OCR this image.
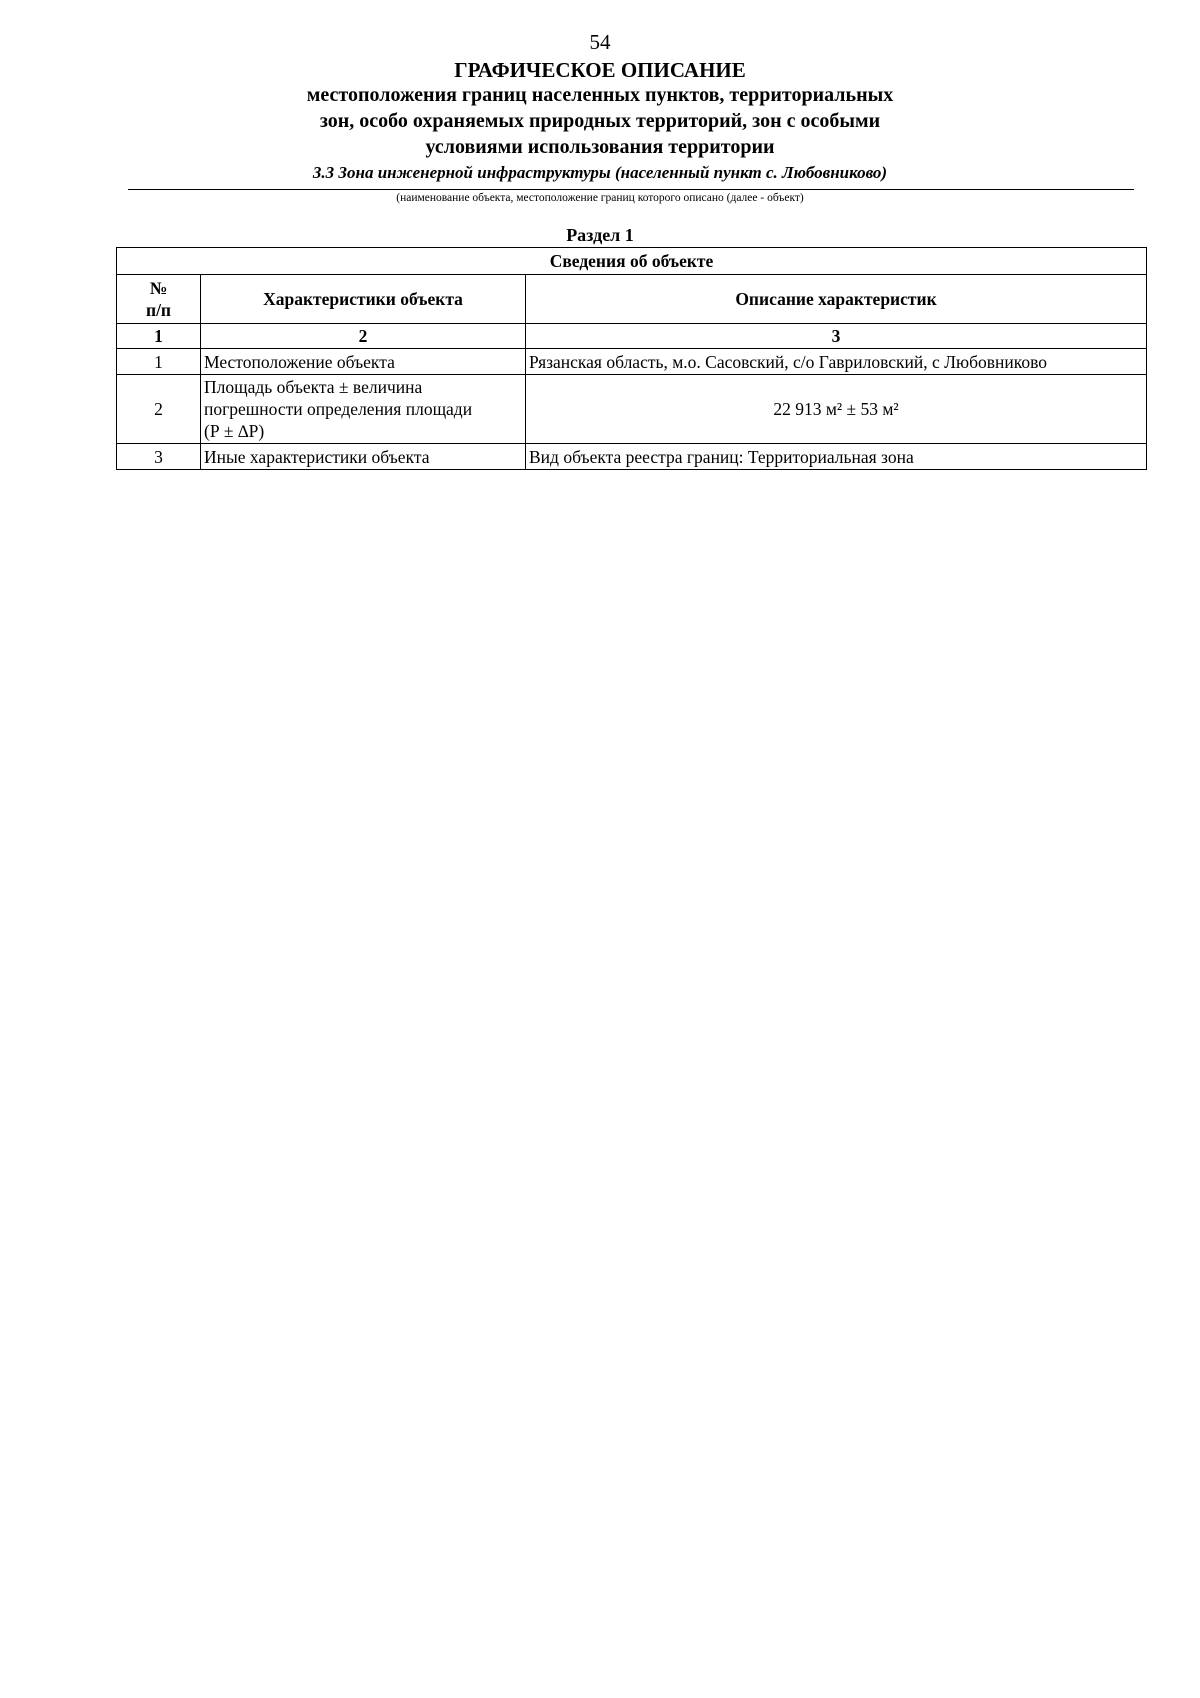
54
ГРАФИЧЕСКОЕ ОПИСАНИЕ
местоположения границ населенных пунктов, территориальных
зон, особо охраняемых природных территорий, зон с особыми
условиями использования территории
3.3 Зона инженерной инфраструктуры (населенный пункт с. Любовниково)
(наименование объекта, местоположение границ которого описано (далее - объект)
Раздел 1
Сведения об объекте		

№
п/п	Характеристики объекта	Описание характеристик
1	2	3
1	Местоположение объекта	Рязанская область, м.о. Сасовский, с/о Гавриловский, с Любовниково
2	Площадь объекта ± величина
погрешности определения площади
(Р ± ∆Р)	22 913 м² ± 53 м²
3	Иные характеристики объекта	Вид объекта реестра границ: Территориальная зона
